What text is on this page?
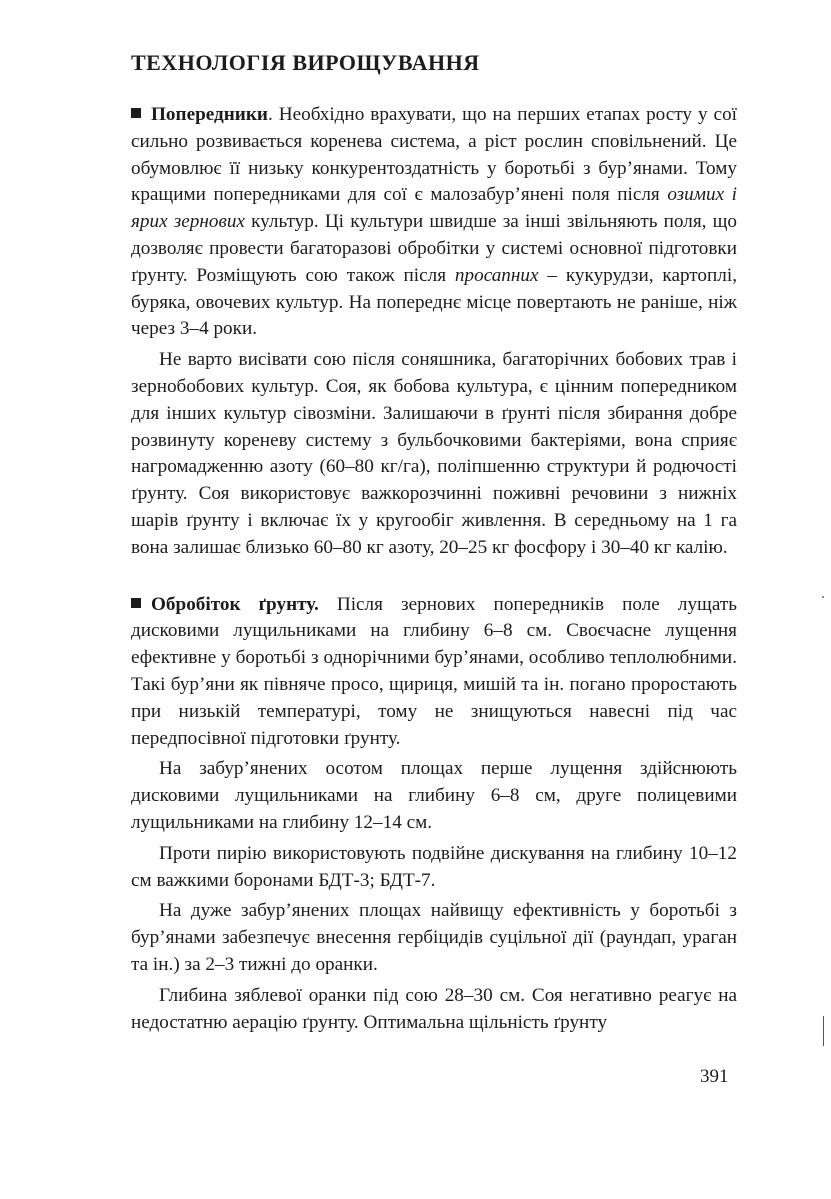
ТЕХНОЛОГІЯ ВИРОЩУВАННЯ

Попередники. Необхідно врахувати, що на перших етапах росту у сої сильно розвивається коренева система, а ріст рослин сповільнений. Це обумовлює її низьку конкурентоздатність у боротьбі з бур’янами. Тому кращими попередниками для сої є малозабур’янені поля після озимих і ярих зернових культур. Ці культури швидше за інші звільняють поля, що дозволяє провести багаторазові обробітки у системі основної підготовки ґрунту. Розміщують сою також після просапних – кукурудзи, картоплі, буряка, овочевих культур. На попереднє місце повертають не раніше, ніж через 3–4 роки.

Не варто висівати сою після соняшника, багаторічних бобових трав і зернобобових культур. Соя, як бобова культура, є цінним попередником для інших культур сівозміни. Залишаючи в ґрунті після збирання добре розвинуту кореневу систему з бульбочковими бактеріями, вона сприяє нагромадженню азоту (60–80 кг/га), поліпшенню структури й родючості ґрунту. Соя використовує важкорозчинні поживні речовини з нижніх шарів ґрунту і включає їх у кругообіг живлення. В середньому на 1 га вона залишає близько 60–80 кг азоту, 20–25 кг фосфору і 30–40 кг калію.

Обробіток ґрунту. Після зернових попередників поле лущать дисковими лущильниками на глибину 6–8 см. Своєчасне лущення ефективне у боротьбі з однорічними бур’янами, особливо теплолюбними. Такі бур’яни як півняче просо, щириця, мишій та ін. погано проростають при низькій температурі, тому не знищуються навесні під час передпосівної підготовки ґрунту.

На забур’янених осотом площах перше лущення здійснюють дисковими лущильниками на глибину 6–8 см, друге полицевими лущильниками на глибину 12–14 см.

Проти пирію використовують подвійне дискування на глибину 10–12 см важкими боронами БДТ-3; БДТ-7.

На дуже забур’янених площах найвищу ефективність у боротьбі з бур’янами забезпечує внесення гербіцидів суцільної дії (раундап, ураган та ін.) за 2–3 тижні до оранки.

Глибина зяблевої оранки під сою 28–30 см. Соя негативно реагує на недостатню аерацію ґрунту. Оптимальна щільність ґрунту

391
